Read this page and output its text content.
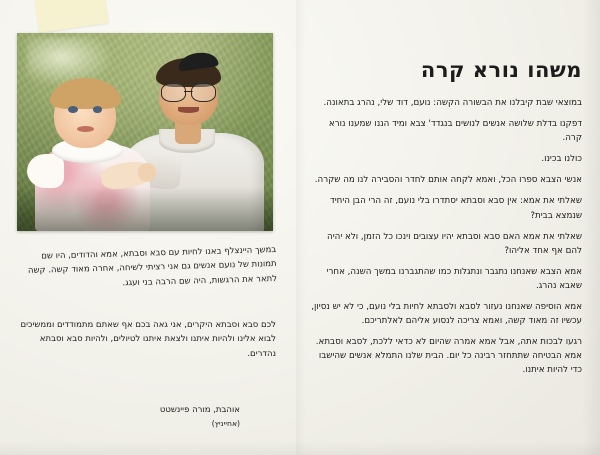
משהו נורא קרה

במוצאי שבת קיבלנו את הבשורה הקשה: נועם, דוד שלי, נהרג בתאונה.

דפקנו בדלת שלושה אנשים לנושים בנגדד' צבא ומיד הננו שמענו נורא קרה.

כולנו בכינו.

אנשי הצבא ספרו הכל, ואמא לקחה אותם לחדר והסבירה לנו מה שקרה.

שאלתי את אמא: אין סבא וסבתא יסתדרו בלי נועם, זה הרי הבן היחיד שנמצא בבית?

שאלתי את אמא האם סבא וסבתא יהיו עצובים וינכו כל הזמן, ולא יהיה להם אף אחד אליהו?

אמא הצבא שאנחנו נתגבר ונתגלות כמו שהתגברנו במשך השנה, אחרי שאבא נהרג.

אמא הוסיפה שאנחנו נעזור לסבא ולסבתא לחיות בלי נועם, כי לא יש נסיון, עכשיו זה מאוד קשה, ואמא צריכה לנסוע אליהם לאלתריכם.

רגעו לבכות אתה, אבל אמא אמרה שהיום לא כדאי ללכת, לסבא וסבתא. אמא הבטיחה שתתחזר רבינה כל יום. הבית שלנו התמלא אנשים שהישבו כדי להיות איתנו.

במשך היינצלף באנו לחיות עם סבא וסבתא, אמא והדודים, היו שם תמונות של נועם אנשים גם אני רציתי לשיחה, אחרה מאוד קשה. קשה לתאר את הרגשות, היה שם הרבה בני ועגג.

לכם סבא וסבתא היקרים, אני גאה בכם אף שאתם מתמודדים וממשיכים לבוא אלינו ולהיות איתנו ולצאת איתנו לטיולים, ולהיות סבא וסבתא נהדרים.

אוהבת, מורה פיינשטט
(אחייניץ)
